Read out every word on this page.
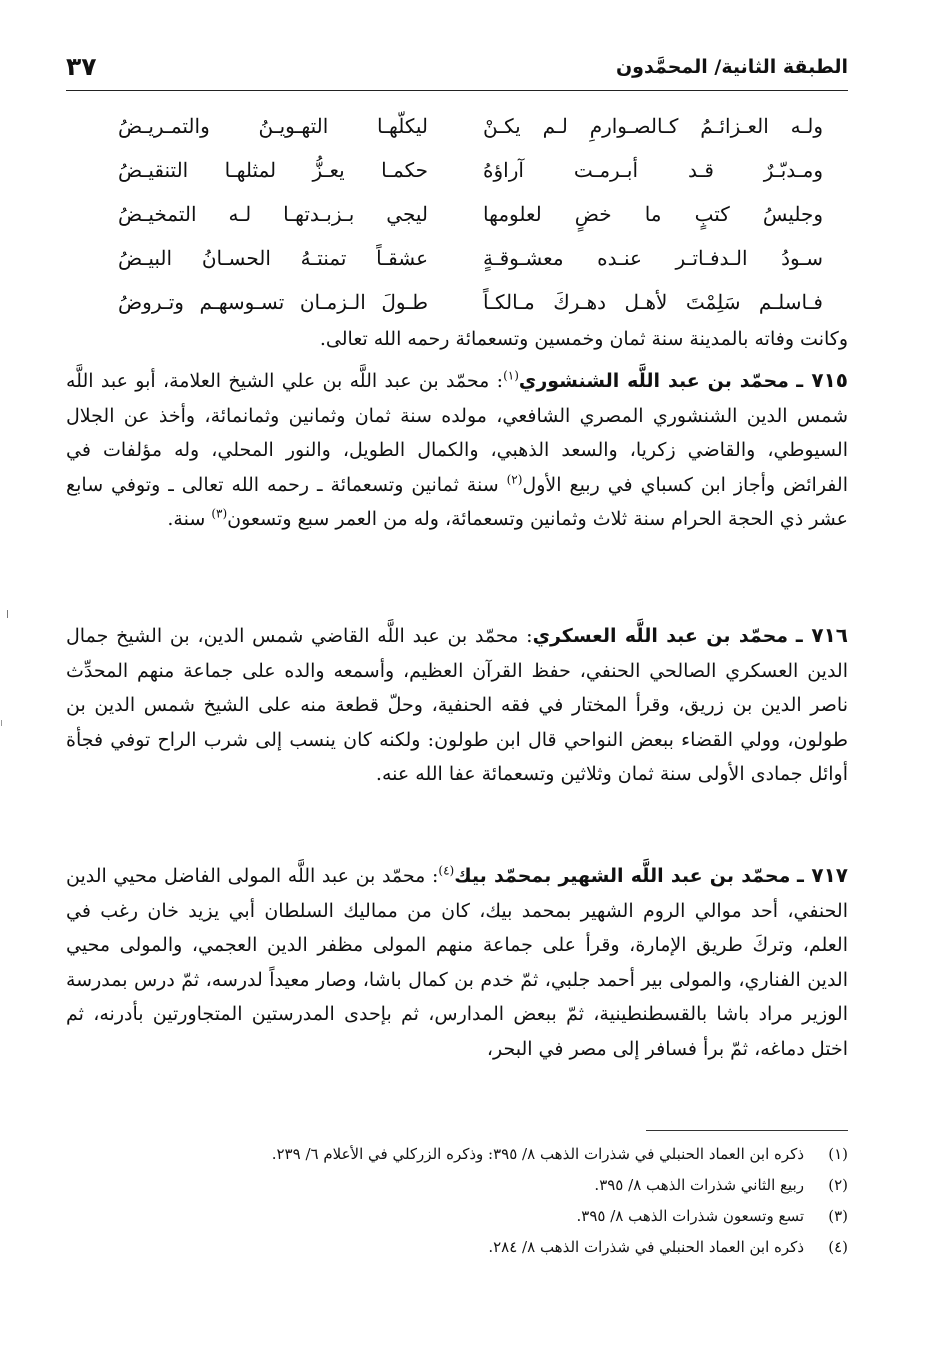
الطبقة الثانية/ المحمَّدون
٣٧
ولـه العـزائـمُ كـالصـوارمِ لـم يكـنْ
ليكلّهـا التهـويـنُ والتمـريـضُ
ومـدبّـرٌ قـد أبـرمـت آراؤهُ
حكمـا يعـزُّ لمثلهـا التنقيـضُ
وجليسُ كتبٍ ما خضٍ لعلومها
ليجي بـزبـدتهـا لـه التمخيـضُ
سـودُ الـدفـاتـر عنـده معشـوقـةٍ
عشقـاً تمنتـهُ الحسـانُ البيـضُ
فـاسلـم سَلِمْتَ لأهـل دهـركَ مـالكـاً
طـولَ الـزمـان تسـوسهـم وتـروضُ
وكانت وفاته بالمدينة سنة ثمان وخمسين وتسعمائة رحمه الله تعالى.
٧١٥ ـ محمّد بن عبد اللَّه الشنشوري$^{(١)}$: محمّد بن عبد اللَّه بن علي الشيخ العلامة، أبو عبد اللَّه شمس الدين الشنشوري المصري الشافعي، مولده سنة ثمان وثمانين وثمانمائة، وأخذ عن الجلال السيوطي، والقاضي زكريا، والسعد الذهبي، والكمال الطويل، والنور المحلي، وله مؤلفات في الفرائض وأجاز ابن كسباي في ربيع الأول$^{(٢)}$ سنة ثمانين وتسعمائة ـ رحمه الله تعالى ـ وتوفي سابع عشر ذي الحجة الحرام سنة ثلاث وثمانين وتسعمائة، وله من العمر سبع وتسعون$^{(٣)}$ سنة.
٧١٦ ـ محمّد بن عبد اللَّه العسكري: محمّد بن عبد اللَّه القاضي شمس الدين، بن الشيخ جمال الدين العسكري الصالحي الحنفي، حفظ القرآن العظيم، وأسمعه والده على جماعة منهم المحدِّث ناصر الدين بن زريق، وقرأ المختار في فقه الحنفية، وحلّ قطعة منه على الشيخ شمس الدين بن طولون، وولي القضاء ببعض النواحي قال ابن طولون: ولكنه كان ينسب إلى شرب الراح توفي فجأة أوائل جمادى الأولى سنة ثمان وثلاثين وتسعمائة عفا الله عنه.
٧١٧ ـ محمّد بن عبد اللَّه الشهير بمحمّد بيك$^{(٤)}$: محمّد بن عبد اللَّه المولى الفاضل محيي الدين الحنفي، أحد موالي الروم الشهير بمحمد بيك، كان من مماليك السلطان أبي يزيد خان رغب في العلم، وتركَ طريق الإمارة، وقرأ على جماعة منهم المولى مظفر الدين العجمي، والمولى محيي الدين الفناري، والمولى بير أحمد جلبي، ثمّ خدم بن كمال باشا، وصار معيداً لدرسه، ثمّ درس بمدرسة الوزير مراد باشا بالقسطنطينية، ثمّ ببعض المدارس، ثم بإحدى المدرستين المتجاورتين بأدرنه، ثم اختل دماغه، ثمّ برأ فسافر إلى مصر في البحر،
(١)ذكره ابن العماد الحنبلي في شذرات الذهب ٨/ ٣٩٥: وذكره الزركلي في الأعلام ٦/ ٢٣٩.
(٢)ربيع الثاني شذرات الذهب ٨/ ٣٩٥.
(٣)تسع وتسعون شذرات الذهب ٨/ ٣٩٥.
(٤)ذكره ابن العماد الحنبلي في شذرات الذهب ٨/ ٢٨٤.
